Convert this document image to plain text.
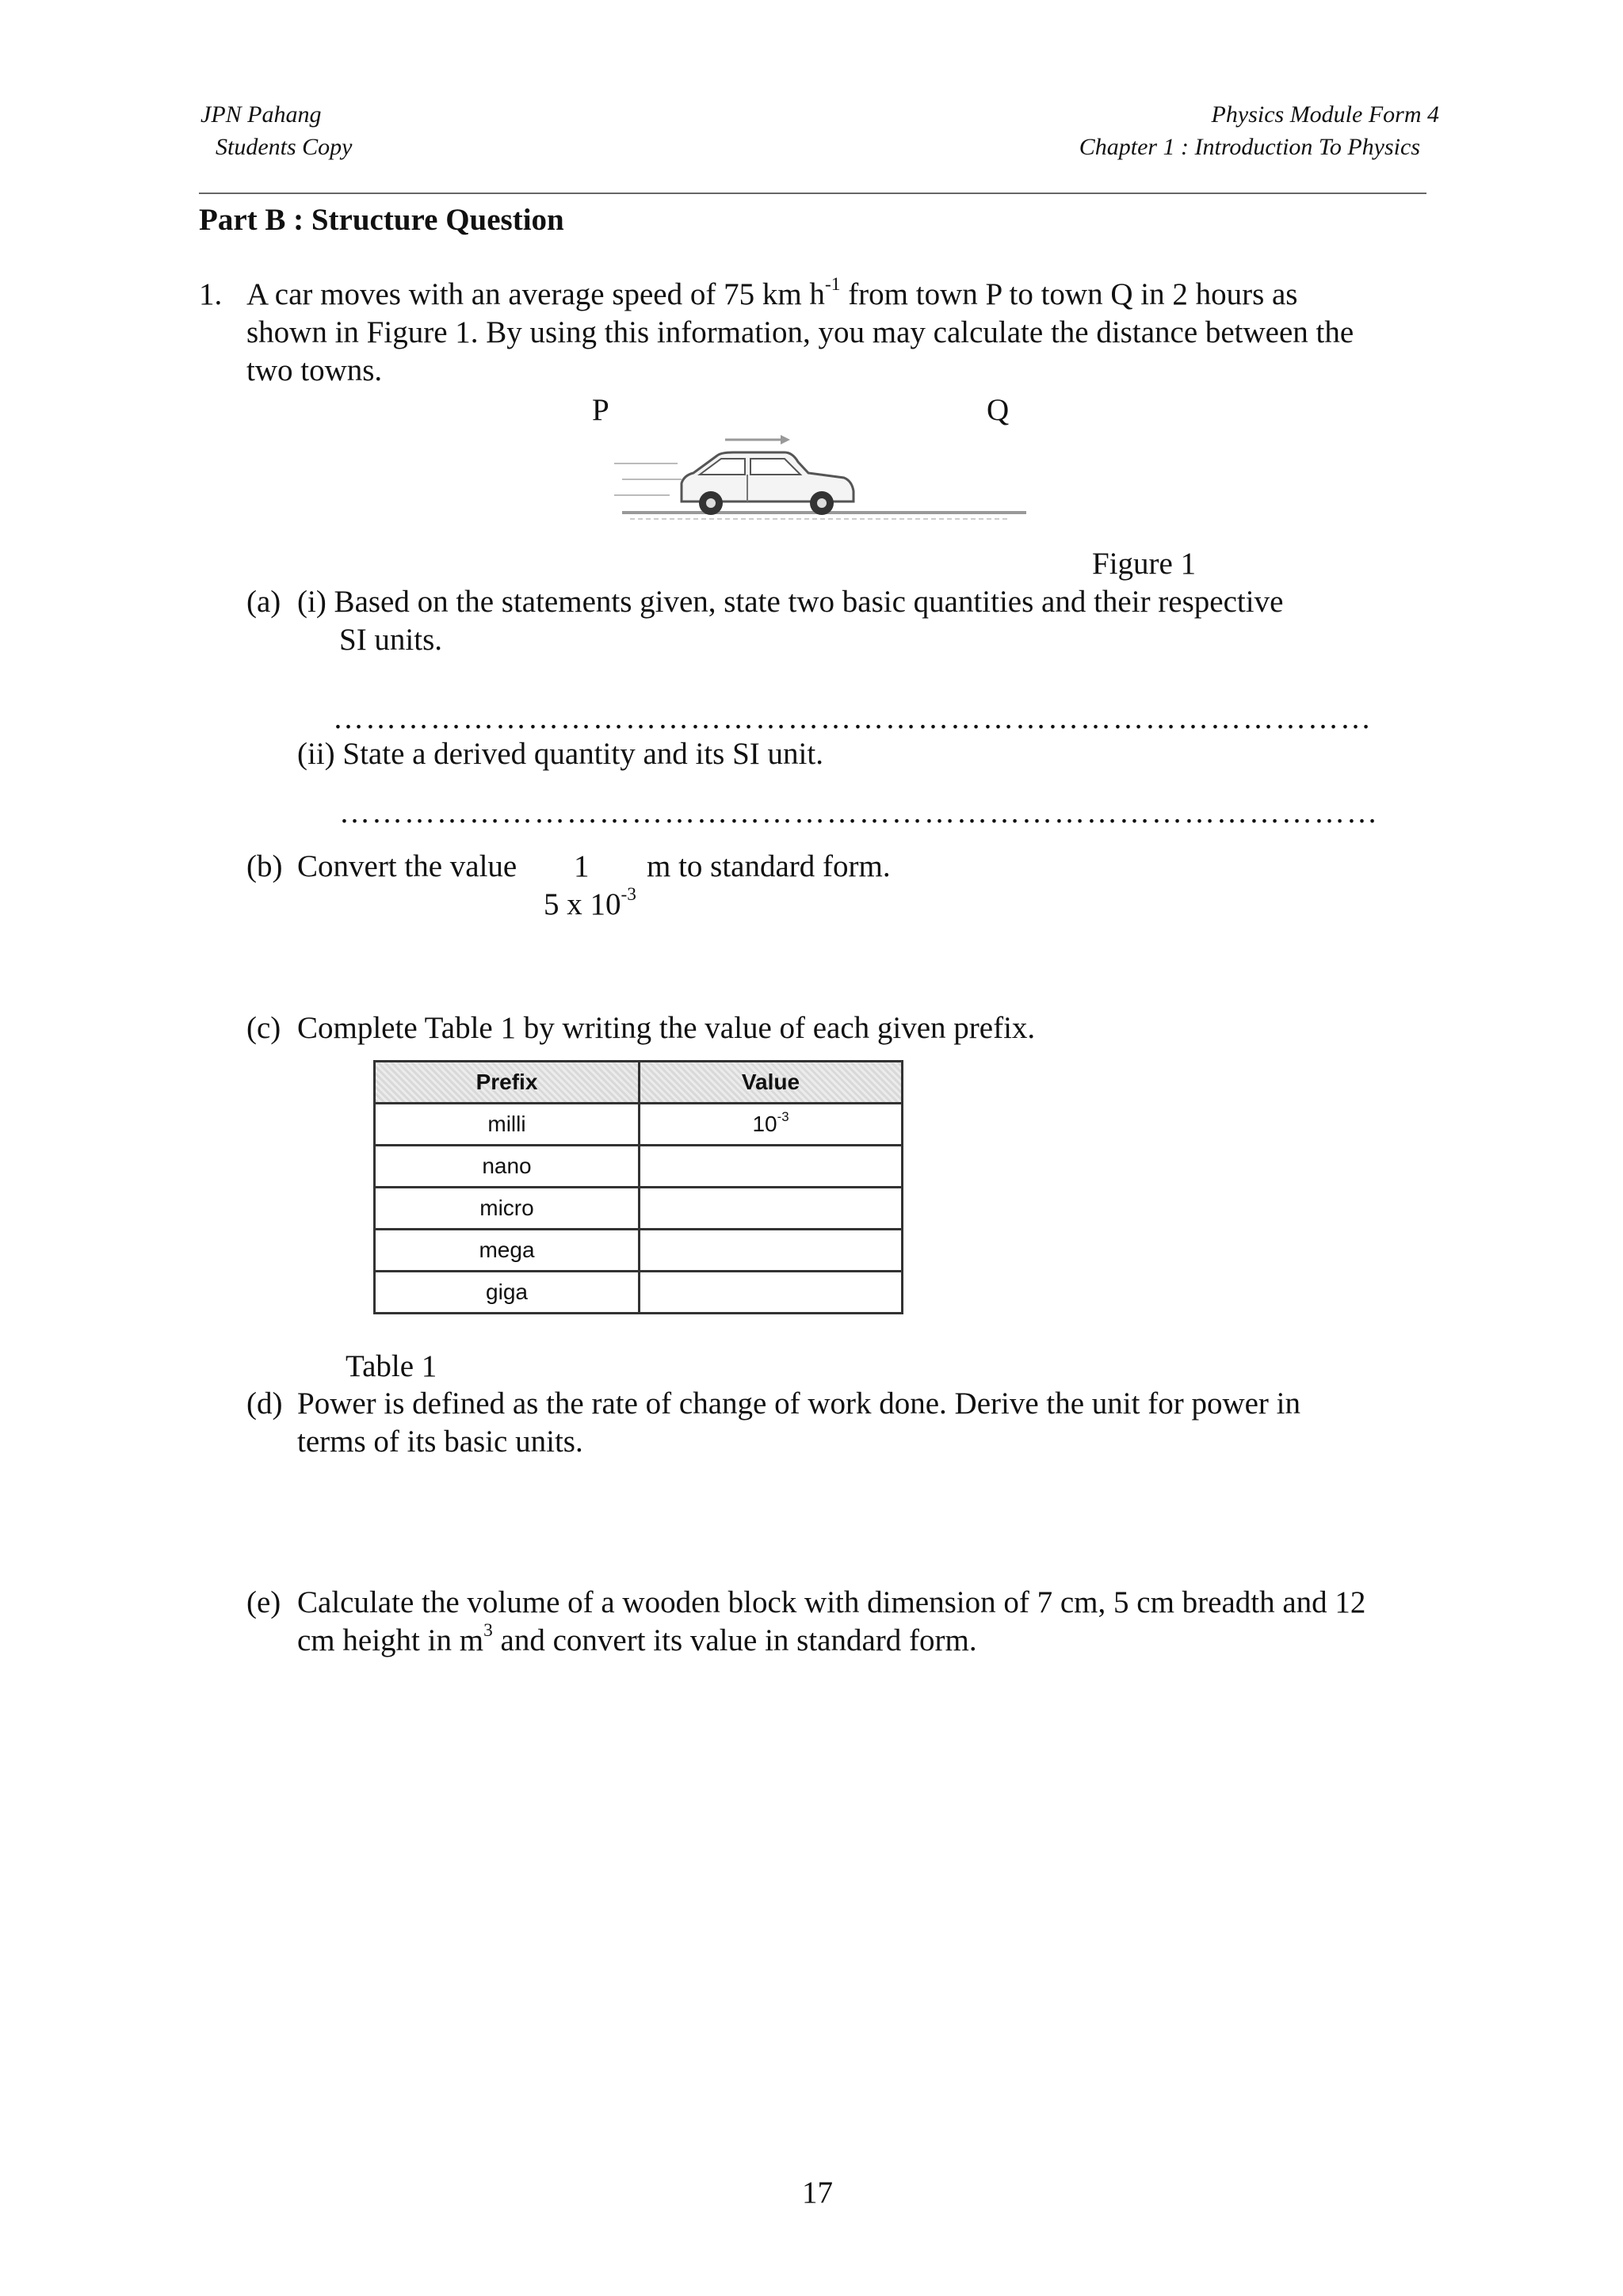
JPN Pahang
Students Copy
Physics Module Form 4
Chapter 1 : Introduction To Physics
Part B : Structure Question
1. A car moves with an average speed of 75 km $h^{-1}$ from town P to town Q in 2 hours as
shown in Figure 1. By using this information, you may calculate the distance between the
two towns.
P	Q
Figure 1
(a) (i) Based on the statements given, state two basic quantities and their respective
SI units.
……………………………………………………………………………………
(ii) State a derived quantity and its SI unit.
……………………………………………………………………………………
(b) Convert the value 1 m to standard form.
5 x $10^{-3}$
(c) Complete Table 1 by writing the value of each given prefix.
Prefix	Value
milli	$10^{-3}$
nano	
micro	
mega	
giga	
Table 1
(d) Power is defined as the rate of change of work done. Derive the unit for power in
terms of its basic units.
(e) Calculate the volume of a wooden block with dimension of 7 cm, 5 cm breadth and 12
cm height in $m^3$ and convert its value in standard form.
17
